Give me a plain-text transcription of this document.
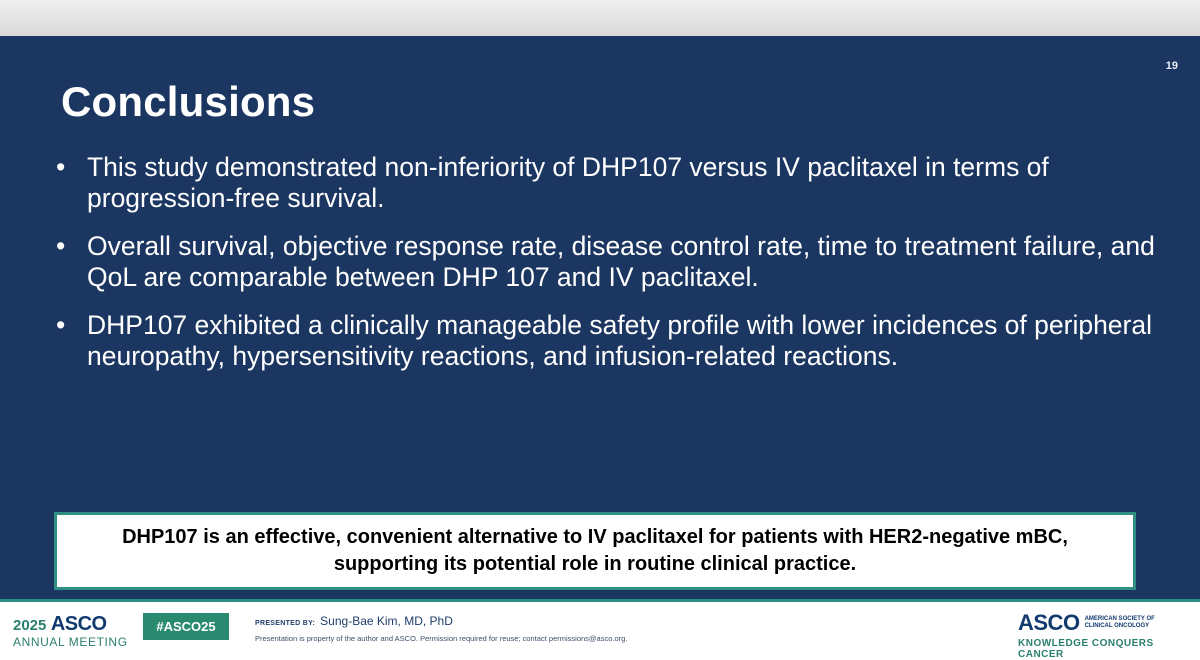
19
Conclusions
• This study demonstrated non-inferiority of DHP107 versus IV paclitaxel in terms of progression-free survival.
• Overall survival, objective response rate, disease control rate, time to treatment failure, and QoL are comparable between DHP 107 and IV paclitaxel.
• DHP107 exhibited a clinically manageable safety profile with lower incidences of peripheral neuropathy, hypersensitivity reactions, and infusion-related reactions.
DHP107 is an effective, convenient alternative to IV paclitaxel for patients with HER2-negative mBC, supporting its potential role in routine clinical practice.
2025 ASCO
ANNUAL MEETING
#ASCO25	PRESENTED BY: Sung-Bae Kim, MD, PhD
Presentation is property of the author and ASCO. Permission required for reuse; contact permissions@asco.org.
ASCO AMERICAN SOCIETY OF
CLINICAL ONCOLOGY
KNOWLEDGE CONQUERS CANCER
